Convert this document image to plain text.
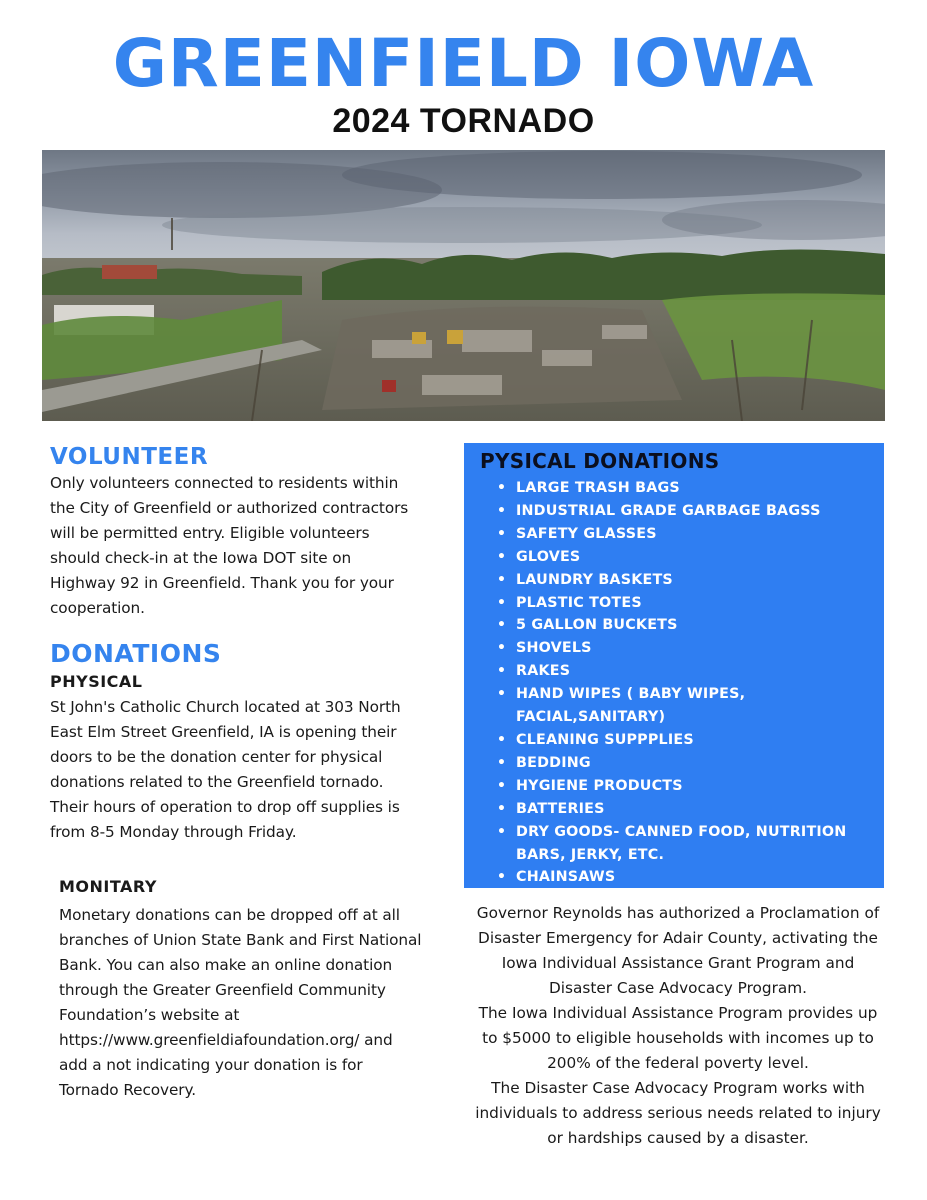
GREENFIELD IOWA
2024 TORNADO
VOLUNTEER
Only volunteers connected to residents within
the City of Greenfield or authorized contractors
will be permitted entry. Eligible volunteers
should check-in at the Iowa DOT site on
Highway 92 in Greenfield. Thank you for your
cooperation.
DONATIONS
PHYSICAL
St John's Catholic Church located at 303 North
East Elm Street Greenfield, IA is opening their
doors to be the donation center for physical
donations related to the Greenfield tornado.
Their hours of operation to drop off supplies is
from 8-5 Monday through Friday.
MONITARY
Monetary donations can be dropped off at all
branches of Union State Bank and First National
Bank. You can also make an online donation
through the Greater Greenfield Community
Foundation’s website at
https://www.greenfieldiafoundation.org/ and
add a not indicating your donation is for
Tornado Recovery.
PYSICAL DONATIONS
• LARGE TRASH BAGS
• INDUSTRIAL GRADE GARBAGE BAGSS
• SAFETY GLASSES
• GLOVES
• LAUNDRY BASKETS
• PLASTIC TOTES
• 5 GALLON BUCKETS
• SHOVELS
• RAKES
• HAND WIPES ( BABY WIPES,
FACIAL,SANITARY)
• CLEANING SUPPPLIES
• BEDDING
• HYGIENE PRODUCTS
• BATTERIES
• DRY GOODS- CANNED FOOD, NUTRITION
BARS, JERKY, ETC.
• CHAINSAWS
Governor Reynolds has authorized a Proclamation of
Disaster Emergency for Adair County, activating the
Iowa Individual Assistance Grant Program and
Disaster Case Advocacy Program.
The Iowa Individual Assistance Program provides up
to $5000 to eligible households with incomes up to
200% of the federal poverty level.
The Disaster Case Advocacy Program works with
individuals to address serious needs related to injury
or hardships caused by a disaster.
